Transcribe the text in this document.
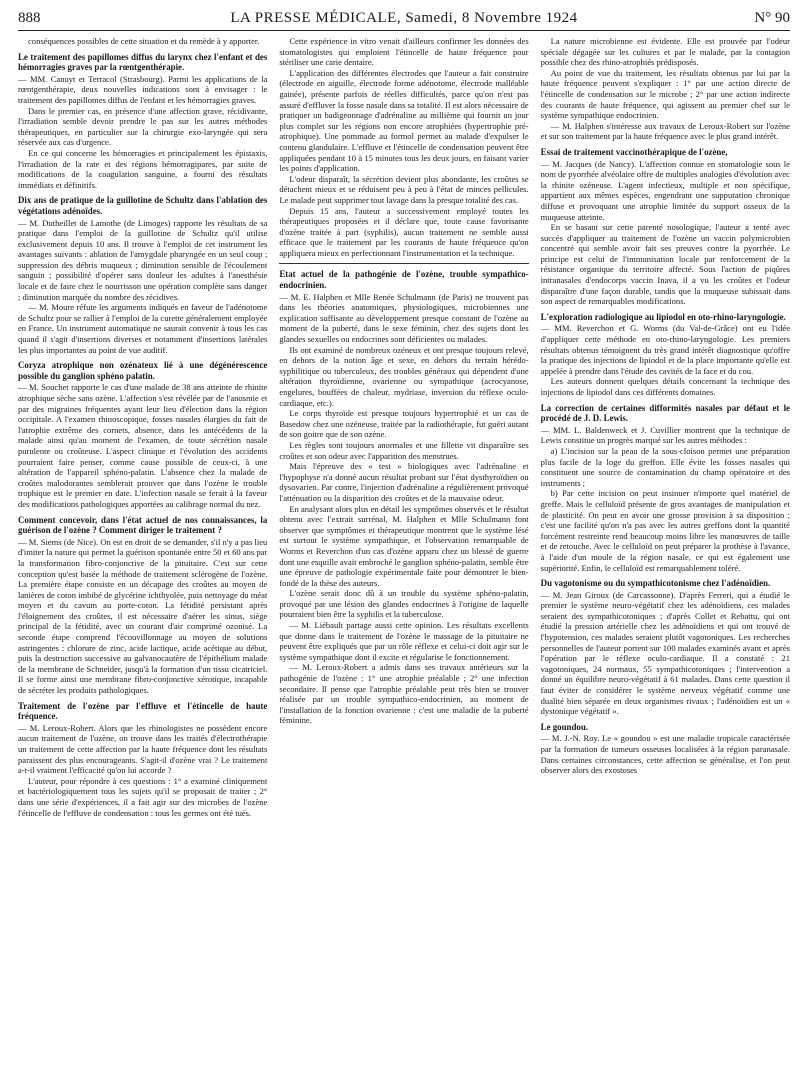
888	LA PRESSE MÉDICALE, Samedi, 8 Novembre 1924	N° 90

conséquences possibles de cette situation et du remède à y apporter.

Le traitement des papillomes diffus du larynx chez l'enfant et des hémorragies graves par la rœntgenthérapie.

— MM. Canuyt et Terracol (Strasbourg). Parmi les applications de la rœntgenthérapie, deux nouvelles indications sont à envisager : le traitement des papillomes diffus de l'enfant et les hémorragies graves.

Dans le premier cas, en présence d'une affection grave, récidivante, l'irradiation semble devoir prendre le pas sur les autres méthodes thérapeutiques, en particulier sur la chirurgie exo-laryngée qui sera réservée aux cas d'urgence.

En ce qui concerne les hémorragies et principalement les épistaxis, l'irradiation de la rate et des régions hémorragipares, par suite de modifications de la coagulation sanguine, a fourni des résultats immédiats et définitifs.

Dix ans de pratique de la guillotine de Schultz dans l'ablation des végétations adénoïdes.

— M. Dutheillet de Lamothe (de Limoges) rapporte les résultats de sa pratique dans l'emploi de la guillotine de Schultz qu'il utilise exclusivement depuis 10 ans. Il trouve à l'emploi de cet instrument les avantages suivants : ablation de l'amygdale pharyngée en un seul coup ; suppression des débris muqueux ; diminution sensible de l'écoulement sanguin ; possibilité d'opérer sans douleur les adultes à l'anesthésie locale et de faire chez le nourrisson une opération complète sans danger ; diminution marquée du nombre des récidives.

— M. Moure réfute les arguments indiqués en faveur de l'adénotome de Schultz pour se rallier à l'emploi de la curette généralement employée en France. Un instrument automatique ne saurait convenir à tous les cas quand il s'agit d'insertions diverses et notamment d'insertions latérales les plus importantes au point de vue auditif.

Coryza atrophique non ozénateux lié à une dégénérescence possible du ganglion sphéno palatin.

— M. Souchet rapporte le cas d'une malade de 38 ans atteinte de rhinite atrophique sèche sans ozène. L'affection s'est révélée par de l'anosmie et par des migraines fréquentes ayant leur lieu d'élection dans la région occipitale. A l'examen rhinoscopique, fosses nasales élargies du fait de l'atrophie extrême des cornets, absence, dans les antécédents de la malade ainsi qu'au moment de l'examen, de toute sécrétion nasale purulente ou croûteuse. L'aspect clinique et l'évolution des accidents pourraient faire penser, comme cause possible de ceux-ci, à une altération de l'appareil sphéno-palatin. L'absence chez la malade de croûtes malodorantes semblerait prouver que dans l'ozène le trouble trophique est le premier en date. L'infection nasale se ferait à la faveur des modifications pathologiques apportées au calibrage normal du nez.

Comment concevoir, dans l'état actuel de nos connaissances, la guérison de l'ozène ? Comment diriger le traitement ?

— M. Siems (de Nice). On est en droit de se demander, s'il n'y a pas lieu d'imiter la nature qui permet la guérison spontanée entre 50 et 60 ans par la transformation fibro-conjonctive de la pituitaire. C'est sur cette conception qu'est basée la méthode de traitement sclérogène de l'ozène. La première étape consiste en un décapage des croûtes au moyen de lanières de coton imbibé de glycérine ichthyolée, puis nettoyage du méat moyen et du cavum au porte-coton. La fétidité persistant après l'éloignement des croûtes, il est nécessaire d'aérer les sinus, siège principal de la fétidité, avec un courant d'air comprimé ozonisé. La seconde étape comprend l'écouvillonnage au moyen de solutions astringentes : chlorure de zinc, acide lactique, acide acétique au début, puis la destruction successive au galvanocautère de l'épithélium malade de la membrane de Schneider, jusqu'à la formation d'un tissu cicatriciel. Il se forme ainsi une membrane fibro-conjonctive xérotique, incapable de sécréter les produits pathologiques.

Traitement de l'ozène par l'effluve et l'étincelle de haute fréquence.

— M. Leroux-Robert. Alors que les rhinologistes ne possèdent encore aucun traitement de l'ozène, on trouve dans les traités d'électrothérapie un traitement de cette affection par la haute fréquence dont les résultats paraissent des plus encourageants. S'agit-il d'ozène vrai ? Le traitement a-t-il vraiment l'efficacité qu'on lui accorde ?

L'auteur, pour répondre à ces questions : 1° a examiné cliniquement et bactériologiquement tous les sujets qu'il se proposait de traiter ; 2° dans une série d'expériences, il a fait agir sur des microbes de l'ozène l'étincelle de l'effluve de condensation : tous les germes ont été tués.

Cette expérience in vitro venait d'ailleurs confirmer les données des stomatologistes qui emploient l'étincelle de haute fréquence pour stériliser une carie dentaire.

L'application des différentes électrodes que l'auteur a fait construire (électrode en aiguille, électrode forme adénotome, électrode malléable gainée), présente parfois de réelles difficultés, parce qu'on n'est pas assuré d'effluver la fosse nasale dans sa totalité. Il est alors nécessaire de pratiquer un badigeonnage d'adrénaline au millième qui fournit un jour plus complet sur les régions non encore atrophiées (hypertrophie pré-atrophique). Une pommade au formol permet au malade d'expulser le contenu glandulaire. L'effluve et l'étincelle de condensation peuvent être appliquées pendant 10 à 15 minutes tous les deux jours, en faisant varier les points d'application.

L'odeur disparaît, la sécrétion devient plus abondante, les croûtes se détachent mieux et se réduisent peu à peu à l'état de minces pellicules. Le malade peut supprimer tout lavage dans la presque totalité des cas.

Depuis 15 ans, l'auteur a successivement employé toutes les thérapeutiques proposées et il déclare que, toute cause favorisante d'ozène traitée à part (syphilis), aucun traitement ne semble aussi efficace que le traitement par les courants de haute fréquence qu'on appliquera mieux en perfectionnant l'instrumentation et la technique.

Etat actuel de la pathogénie de l'ozène, trouble sympathico-endocrinien.

— M. E. Halphen et Mlle Renée Schulmann (de Paris) ne trouvent pas dans les théories anatomiques, physiologiques, microbiennes une explication suffisante au développement presque constant de l'ozène au moment de la puberté, dans le sexe féminin, chez des sujets dont les glandes sexuelles ou endocrines sont déficientes ou malades.

Ils ont examiné de nombreux ozéneux et ont presque toujours relevé, en dehors de la notion âge et sexe, en dehors du terrain hérédo-syphilitique ou tuberculeux, des troubles généraux qui dépendent d'une altération thyroïdienne, ovarienne ou sympathique (acrocyanose, engelures, bouffées de chaleur, mydriase, inversion du réflexe oculo-cardiaque, etc.).

Le corps thyroïde est presque toujours hypertrophié et un cas de Basedow chez une ozéneuse, traitée par la radiothérapie, fut guéri autant de son goitre que de son ozène.

Les règles sont toujours anormales et une fillette vit disparaître ses croûtes et son odeur avec l'apparition des menstrues.

Mais l'épreuve des « test » biologiques avec l'adrénaline et l'hypophyse n'a donné aucun résultat probant sur l'état dysthyroïdien ou dysovarien. Par contre, l'injection d'adrénaline a régulièrement provoqué l'atténuation ou la disparition des croûtes et de la mauvaise odeur.

En analysant alors plus en détail les symptômes observés et le résultat obtenu avec l'extrait surrénal, M. Halphen et Mlle Schulmann font observer que symptômes et thérapeutique montrent que le système lésé est surtout le système sympathique, et l'observation remarquable de Worms et Reverchon d'un cas d'ozène apparu chez un blessé de guerre dont une esquille avait embroché le ganglion sphéno-palatin, semble être une épreuve de pathologie expérimentale faite pour démontrer le bien-fondé de la thèse des auteurs.

L'ozène serait donc dû à un trouble du système sphéno-palatin, provoqué par une lésion des glandes endocrines à l'origine de laquelle pourraient bien être la syphilis et la tuberculose.

— M. Liébault partage aussi cette opinion. Les résultats excellents que donne dans le traitement de l'ozène le massage de la pituitaire ne peuvent être expliqués que par un rôle réflexe et celui-ci doit agir sur le système sympathique dont il excite et régularise le fonctionnement.

— M. Leroux-Robert a admis dans ses travaux antérieurs sur la pathogénie de l'ozène : 1° une atrophie préalable ; 2° une infection secondaire. Il pense que l'atrophie préalable peut très bien se trouver réalisée par un trouble sympathico-endocrinien, au moment de l'installation de la fonction ovarienne : c'est une maladie de la puberté féminine.

La nature microbienne est évidente. Elle est prouvée par l'odeur spéciale dégagée sur les cultures et par le malade, par la contagion possible chez des rhino-atrophiés prédisposés.

Au point de vue du traitement, les résultats obtenus par lui par la haute fréquence peuvent s'expliquer : 1° par une action directe de l'étincelle de condensation sur le microbe ; 2° par une action indirecte des courants de haute fréquence, qui agissent au premier chef sur le système sympathique endocrinien.

— M. Halphen s'intéresse aux travaux de Leroux-Robert sur l'ozène et sur son traitement par la haute fréquence avec le plus grand intérêt.

Essai de traitement vaccinothérapique de l'ozène,

— M. Jacques (de Nancy). L'affection connue en stomatologie sous le nom de pyorrhée alvéolaire offre de multiples analogies d'évolution avec la rhinite ozéneuse. L'agent infectieux, multiple et non spécifique, appartient aux mêmes espèces, engendrant une suppuration chronique diffuse et provoquant une atrophie limitée du support osseux de la muqueuse atteinte.

En se basant sur cette parenté nosologique, l'auteur a tenté avec succès d'appliquer au traitement de l'ozène un vaccin polymicrobien concentré qui semble avoir fait ses preuves contre la pyorrhée. Le principe est celui de l'immunisation locale par renforcement de la résistance organique du territoire affecté. Sous l'action de piqûres intranasales d'endocorps vaccin Inava, il a vu les croûtes et l'odeur disparaître d'une façon durable, tandis que la muqueuse subissait dans son aspect de remarquables modifications.

L'exploration radiologique au lipiodol en oto-rhino-laryngologie.

— MM. Reverchon et G. Worms (du Val-de-Grâce) ont eu l'idée d'appliquer cette méthode en oto-rhino-laryngologie. Les premiers résultats obtenus témoignent du très grand intérêt diagnostique qu'offre la pratique des injections de lipiodol et de la place importante qu'elle est appelée à prendre dans l'étude des cavités de la face et du cou.

Les auteurs donnent quelques détails concernant la technique des injections de lipiodol dans ces différents domaines.

La correction de certaines difformités nasales par défaut et le procédé de J. D. Lewis.

— MM. L. Baldenweck et J. Cuvillier montrent que la technique de Lewis constitue un progrès marqué sur les autres méthodes :

a) L'incision sur la peau de la sous-cloison permet une préparation plus facile de la loge du greffon. Elle évite les fosses nasales qui constituent une source de contamination du champ opératoire et des instruments ;

b) Par cette incision on peut insinuer n'importe quel matériel de greffe. Mais le celluloïd présente de gros avantages de manipulation et de plasticité. On peut en avoir une grosse provision à sa disposition ; c'est une facilité qu'on n'a pas avec les autres greffons dont la quantité forcément restreinte rend beaucoup moins libre les manœuvres de taille et de retouche. Avec le celluloïd on peut préparer la prothèse à l'avance, à l'aide d'un moule de la région nasale, ce qui est également une supériorité. Enfin, le celluloïd est remarquablement toléré.

Du vagotonisme ou du sympathicotonisme chez l'adénoïdien.

— M. Jean Giroux (de Carcassonne). D'après Ferreri, qui a étudié le premier le système neuro-végétatif chez les adénoïdiens, ces malades seraient des sympathicotoniques ; d'après Collet et Rebattu, qui ont étudié la pression artérielle chez les adénoïdiens et qui ont trouvé de l'hypotension, ces malades seraient plutôt vagotoniques. Les recherches personnelles de l'auteur portent sur 100 malades examinés avant et après l'opération par le réflexe oculo-cardiaque. Il a constaté : 21 vagotoniques, 24 normaux, 55 sympathicotoniques ; l'intervention a donné un équilibre neuro-végétatif à 61 malades. Dans cette question il faut éviter de considérer le système nerveux végétatif comme une dualité bien séparée en deux organismes rivaux ; l'adénoïdien est un « dystonique végétatif ».

Le goundou.

— M. J.-N. Roy. Le « goundou » est une maladie tropicale caractérisée par la formation de tumeurs osseuses localisées à la région paranasale. Dans certaines circonstances, cette affection se généralise, et l'on peut observer alors des exostoses
